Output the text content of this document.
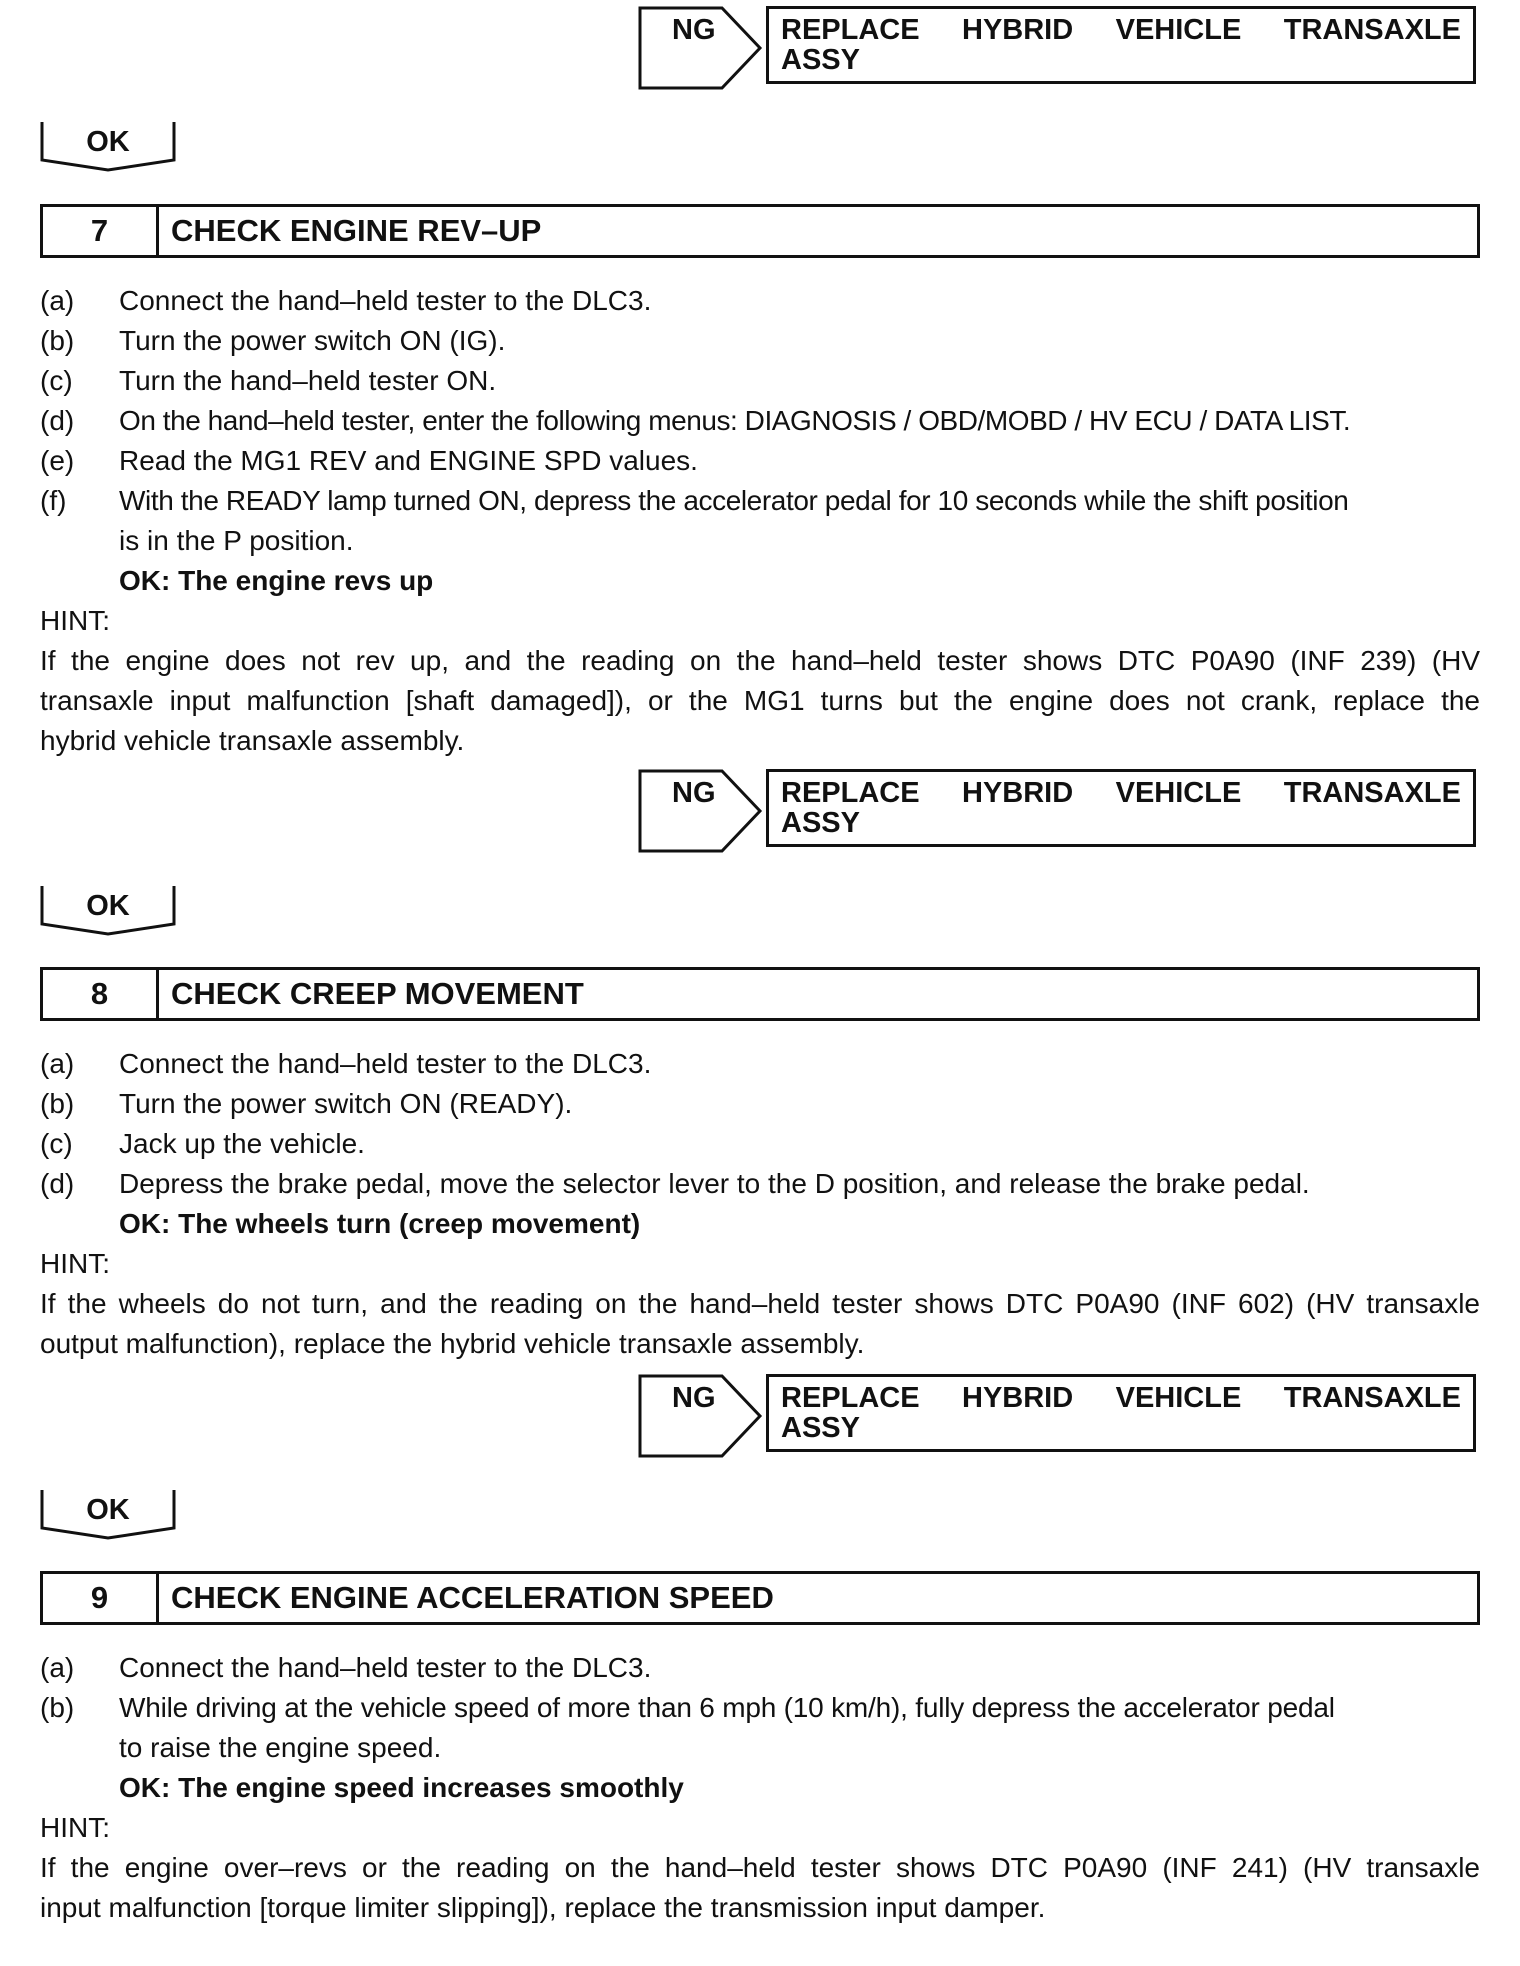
NG REPLACE HYBRID VEHICLE TRANSAXLE
ASSY
OK
7	CHECK ENGINE REV–UP
(a) Connect the hand–held tester to the DLC3.
(b) Turn the power switch ON (IG).
(c) Turn the hand–held tester ON.
(d) On the hand–held tester, enter the following menus: DIAGNOSIS / OBD/MOBD / HV ECU / DATA LIST.
(e) Read the MG1 REV and ENGINE SPD values.
(f) With the READY lamp turned ON, depress the accelerator pedal for 10 seconds while the shift position
is in the P position.
OK: The engine revs up
HINT:
If the engine does not rev up, and the reading on the hand–held tester shows DTC P0A90 (INF 239) (HV
transaxle input malfunction [shaft damaged]), or the MG1 turns but the engine does not crank, replace the
hybrid vehicle transaxle assembly.
NG REPLACE HYBRID VEHICLE TRANSAXLE
ASSY
OK
8	CHECK CREEP MOVEMENT
(a) Connect the hand–held tester to the DLC3.
(b) Turn the power switch ON (READY).
(c) Jack up the vehicle.
(d) Depress the brake pedal, move the selector lever to the D position, and release the brake pedal.
OK: The wheels turn (creep movement)
HINT:
If the wheels do not turn, and the reading on the hand–held tester shows DTC P0A90 (INF 602) (HV transaxle
output malfunction), replace the hybrid vehicle transaxle assembly.
NG REPLACE HYBRID VEHICLE TRANSAXLE
ASSY
OK
9	CHECK ENGINE ACCELERATION SPEED
(a) Connect the hand–held tester to the DLC3.
(b) While driving at the vehicle speed of more than 6 mph (10 km/h), fully depress the accelerator pedal
to raise the engine speed.
OK: The engine speed increases smoothly
HINT:
If the engine over–revs or the reading on the hand–held tester shows DTC P0A90 (INF 241) (HV transaxle
input malfunction [torque limiter slipping]), replace the transmission input damper.
